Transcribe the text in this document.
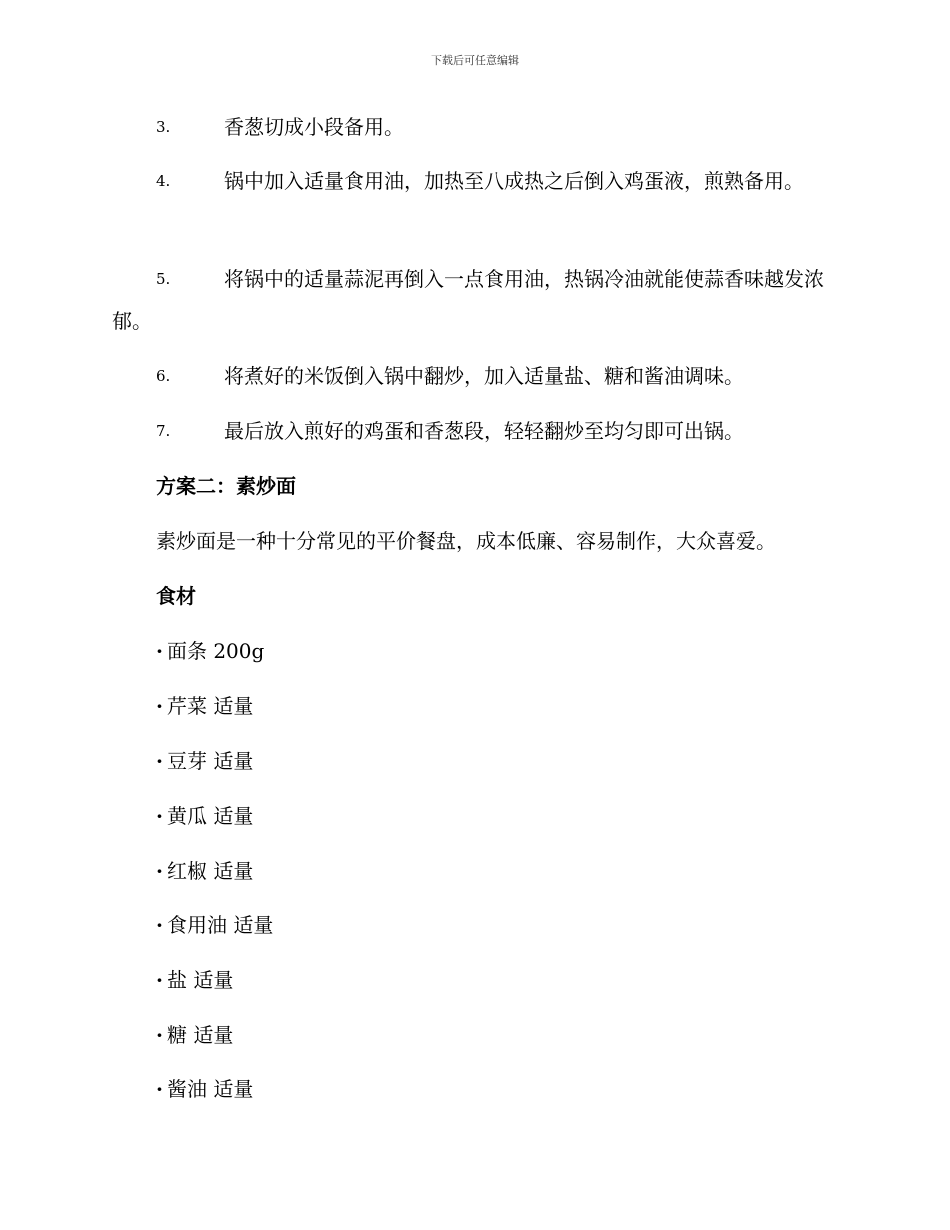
下载后可任意编辑
3.	香葱切成小段备用。
4.	锅中加入适量食用油，加热至八成热之后倒入鸡蛋液，煎熟备用。
5.	将锅中的适量蒜泥再倒入一点食用油，热锅冷油就能使蒜香味越发浓郁。
6.	将煮好的米饭倒入锅中翻炒，加入适量盐、糖和酱油调味。
7.	最后放入煎好的鸡蛋和香葱段，轻轻翻炒至均匀即可出锅。
方案二：素炒面
素炒面是一种十分常见的平价餐盘，成本低廉、容易制作，大众喜爱。
食材
· 面条 200g
· 芹菜 适量
· 豆芽 适量
· 黄瓜 适量
· 红椒 适量
· 食用油 适量
· 盐 适量
· 糖 适量
· 酱油 适量
